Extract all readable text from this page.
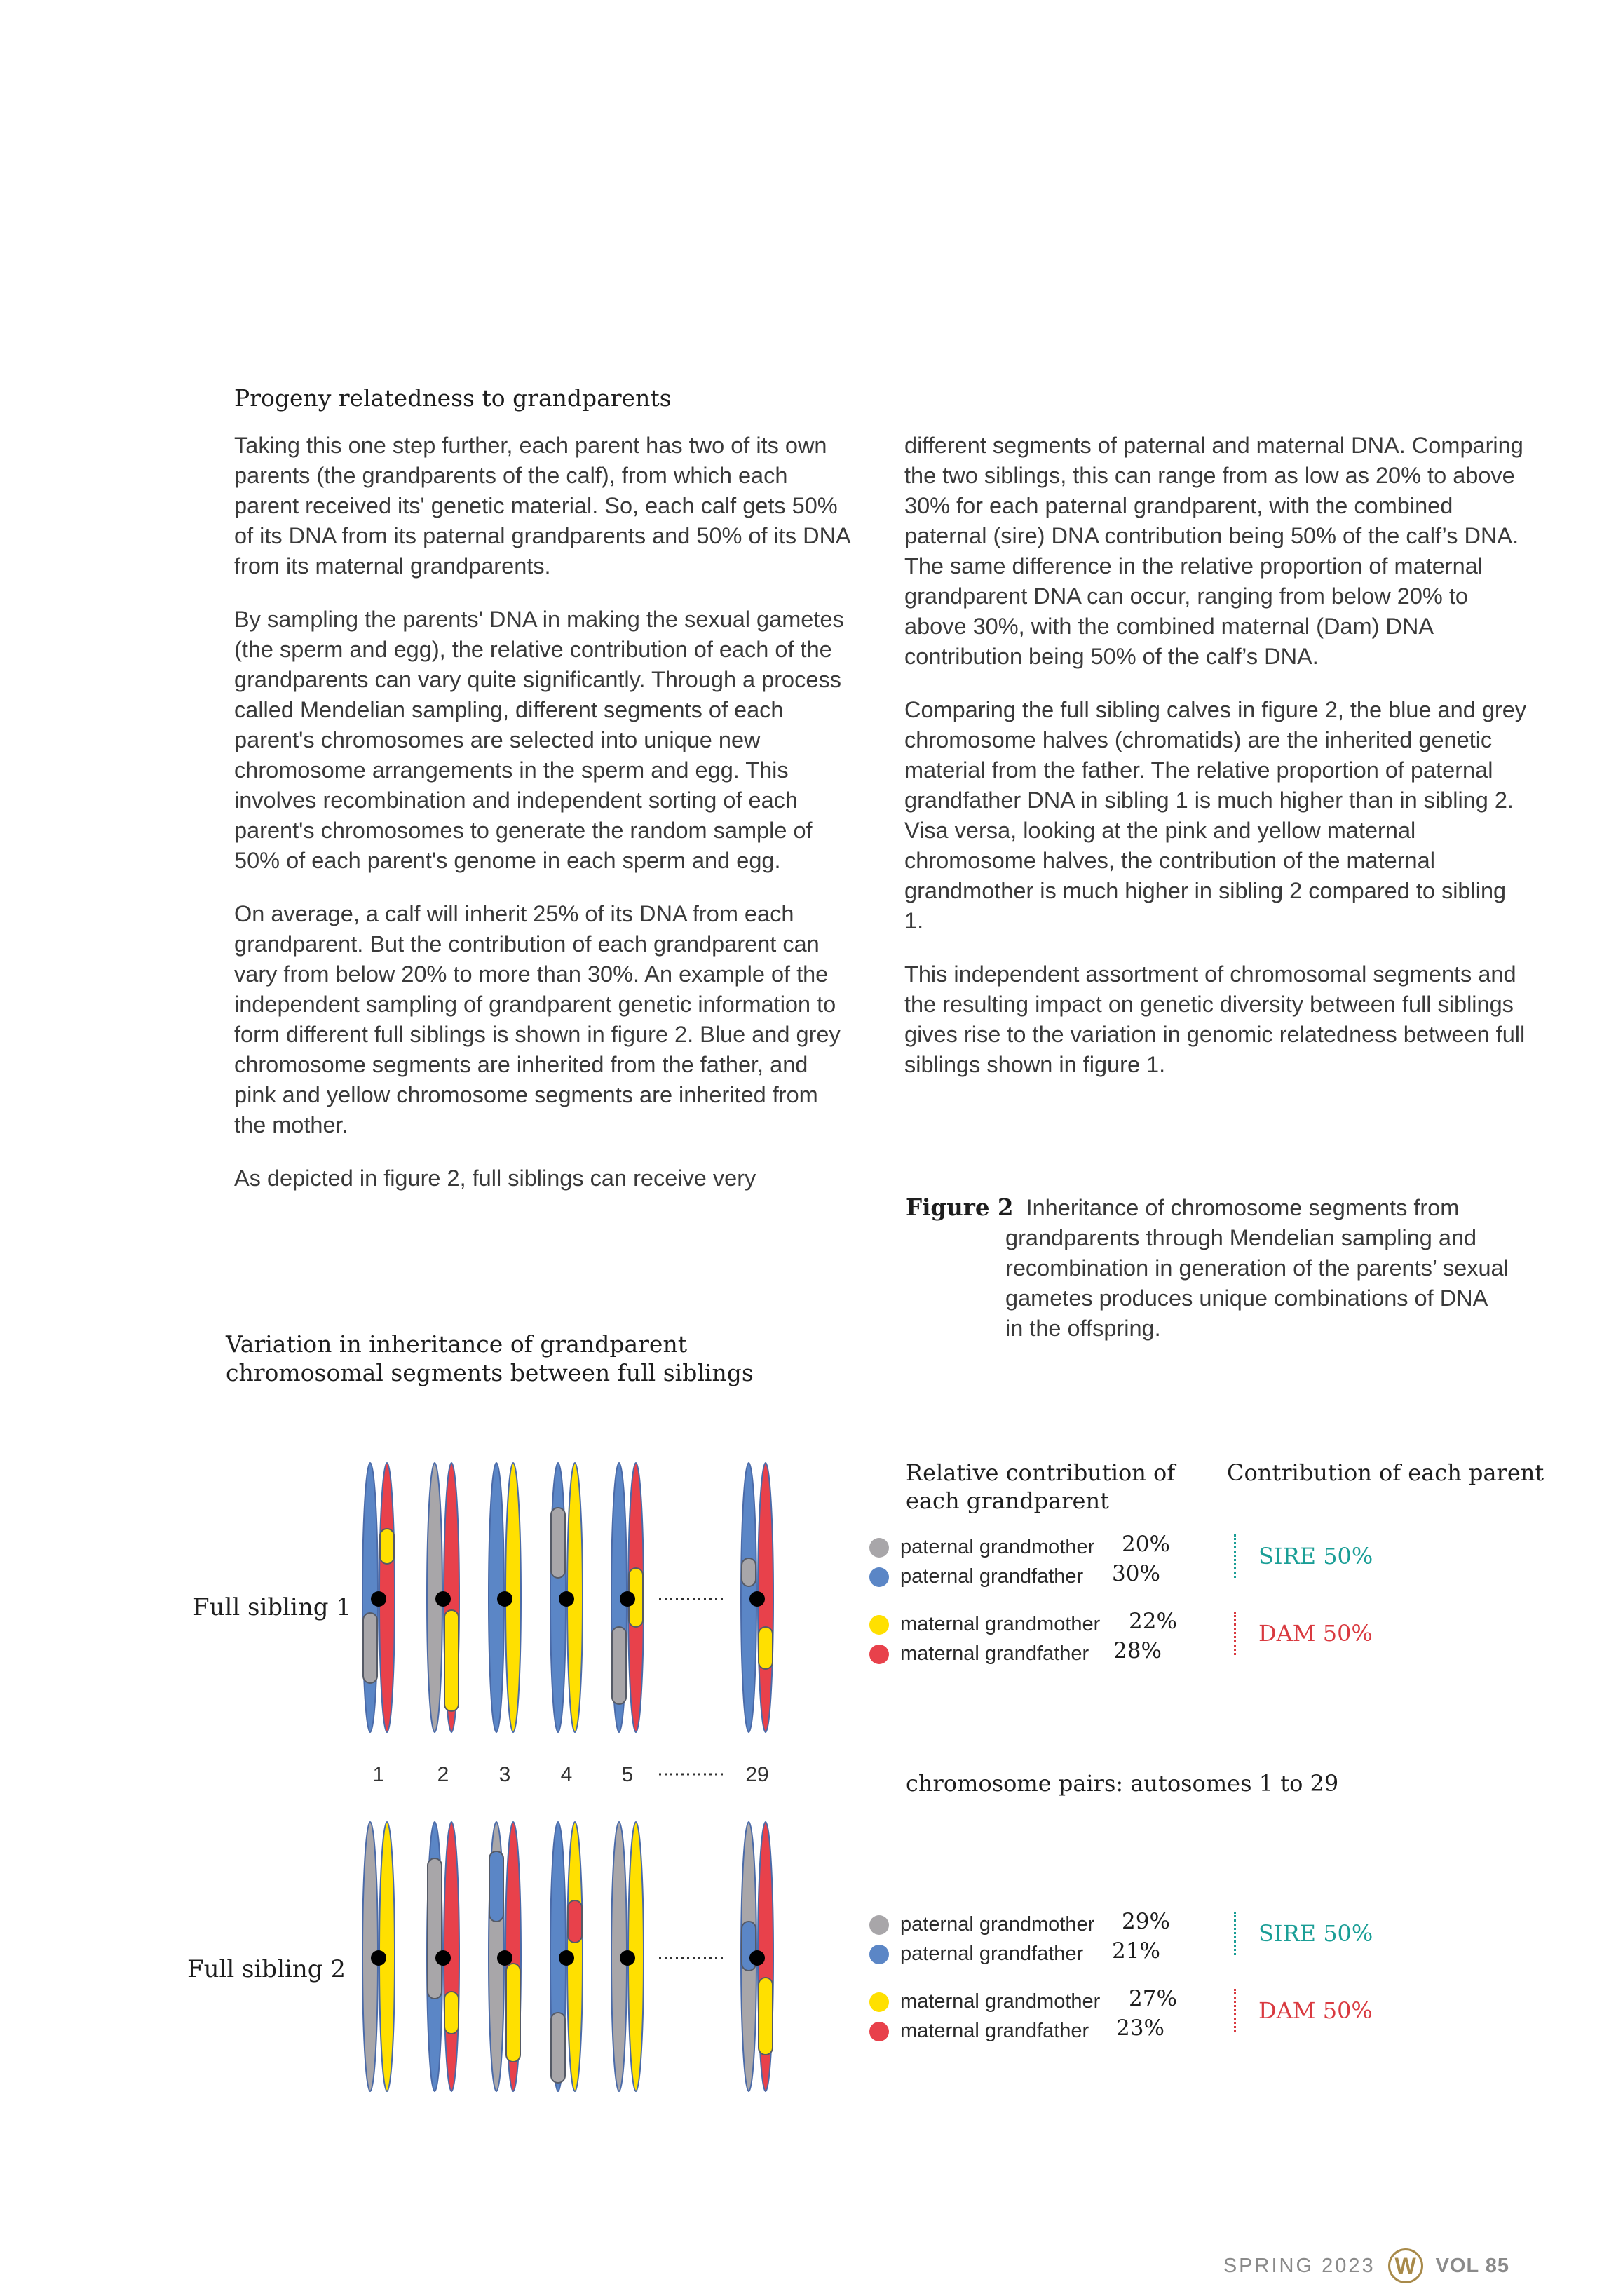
Progeny relatedness to grandparents

Taking this one step further, each parent has two of its own parents (the grandparents of the calf), from which each parent received its' genetic material. So, each calf gets 50% of its DNA from its paternal grandparents and 50% of its DNA from its maternal grandparents.

By sampling the parents' DNA in making the sexual gametes (the sperm and egg), the relative contribution of each of the grandparents can vary quite significantly. Through a process called Mendelian sampling, different segments of each parent's chromosomes are selected into unique new chromosome arrangements in the sperm and egg. This involves recombination and independent sorting of each parent's chromosomes to generate the random sample of 50% of each parent's genome in each sperm and egg.

On average, a calf will inherit 25% of its DNA from each grandparent. But the contribution of each grandparent can vary from below 20% to more than 30%. An example of the independent sampling of grandparent genetic information to form different full siblings is shown in figure 2. Blue and grey chromosome segments are inherited from the father, and pink and yellow chromosome segments are inherited from the mother.

As depicted in figure 2, full siblings can receive very

different segments of paternal and maternal DNA. Comparing the two siblings, this can range from as low as 20% to above 30% for each paternal grandparent, with the combined paternal (sire) DNA contribution being 50% of the calf’s DNA. The same difference in the relative proportion of maternal grandparent DNA can occur, ranging from below 20% to above 30%, with the combined maternal (Dam) DNA contribution being 50% of the calf’s DNA.

Comparing the full sibling calves in figure 2, the blue and grey chromosome halves (chromatids) are the inherited genetic material from the father. The relative proportion of paternal grandfather DNA in sibling 1 is much higher than in sibling 2. Visa versa, looking at the pink and yellow maternal chromosome halves, the contribution of the maternal grandmother is much higher in sibling 2 compared to sibling 1.

This independent assortment of chromosomal segments and the resulting impact on genetic diversity between full siblings gives rise to the variation in genomic relatedness between full siblings shown in figure 1.

Figure 2 Inheritance of chromosome segments from
grandparents through Mendelian sampling and recombination in generation of the parents’ sexual gametes produces unique combinations of DNA in the offspring.
Variation in inheritance of grandparent chromosomal segments between full siblings
1	2 3 4 5	29
Full sibling 1
Full sibling 2
Relative contribution of each grandparent
Contribution of each parent
chromosome pairs: autosomes 1 to 29
paternal grandmother 20%
paternal grandfather 30%
maternal grandmother 22%
maternal grandfather 28%
SIRE 50%
DAM 50%
paternal grandmother 29%
paternal grandfather 21%
maternal grandmother 27%
maternal grandfather 23%
SIRE 50%
DAM 50%
SPRING 2023 W VOL 85
